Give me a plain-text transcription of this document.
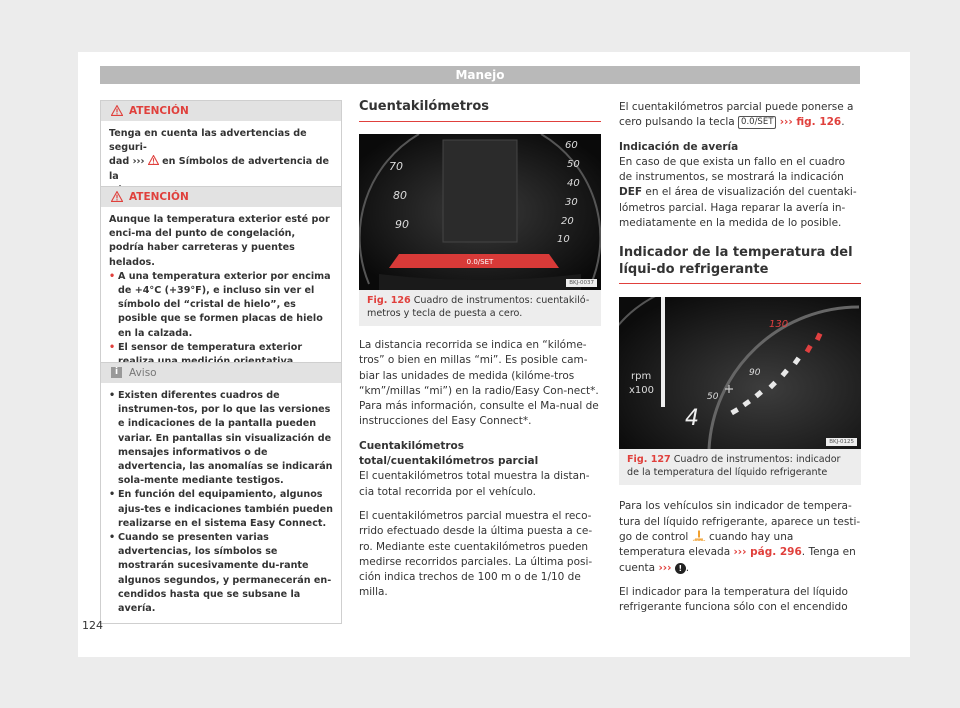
Manejo
ATENCIÓN

Tenga en cuenta las advertencias de seguri-
dad ›››  en Símbolos de advertencia de la

ATENCIÓN

Aunque la temperatura exterior esté por enci-ma del punto de congelación, podría haber carreteras y puentes helados.

• A una temperatura exterior por encima de +4°C (+39°F), e incluso sin ver el símbolo del “cristal de hielo”, es posible que se formen placas de hielo en la calzada.

• El sensor de temperatura exterior

i	Aviso

• Existen diferentes cuadros de instrumen-tos, por lo que las versiones e indicaciones de la pantalla pueden variar. En pantallas sin visualización de mensajes informativos o de advertencia, las anomalías se indicarán sola-mente mediante testigos.

• En función del equipamiento, algunos ajus-tes e indicaciones también pueden realizarse en el sistema Easy Connect.

• Cuando se presenten varias advertencias, los símbolos se mostrarán sucesivamente du-rante algunos segundos, y permanecerán en-cendidos hasta que se subsane la avería.

Cuentakilómetros
70
80
90
60
50
40
30
20
10
0.0/SET
BKJ-0037
Fig. 126 Cuadro de instrumentos: cuentakiló-metros y tecla de puesta a cero.

La distancia recorrida se indica en “kilóme-tros” o bien en millas “mi”. Es posible cam-biar las unidades de medida (kilóme-tros “km”/millas “mi”) en la radio/Easy Con-nect*. Para más información, consulte el Ma-nual de instrucciones del Easy Connect*.

Cuentakilómetros total/cuentakilómetros parcial

El cuentakilómetros total muestra la distan-cia total recorrida por el vehículo.

El cuentakilómetros parcial muestra el reco-rrido efectuado desde la última puesta a ce-ro. Mediante este cuentakilómetros pueden medirse recorridos parciales. La última posi-ción indica trechos de 100 m o de 1/10 de milla.

El cuentakilómetros parcial puede ponerse a cero pulsando la tecla 0.0/SET ››› fig. 126.

Indicación de avería

En caso de que exista un fallo en el cuadro de instrumentos, se mostrará la indicación DEF en el área de visualización del cuentaki-lómetros parcial. Haga reparar la avería in-mediatamente en la medida de lo posible.

Indicador de la temperatura del líqui-do refrigerante
rpm
x100
4
130
90
50
BKJ-0125
Fig. 127 Cuadro de instrumentos: indicador de la temperatura del líquido refrigerante

Para los vehículos sin indicador de tempera-tura del líquido refrigerante, aparece un testi-go de control  cuando hay una temperatura elevada ››› pág. 296. Tenga en cuenta ››› ! .

El indicador para la temperatura del líquido refrigerante funciona sólo con el encendido

124
